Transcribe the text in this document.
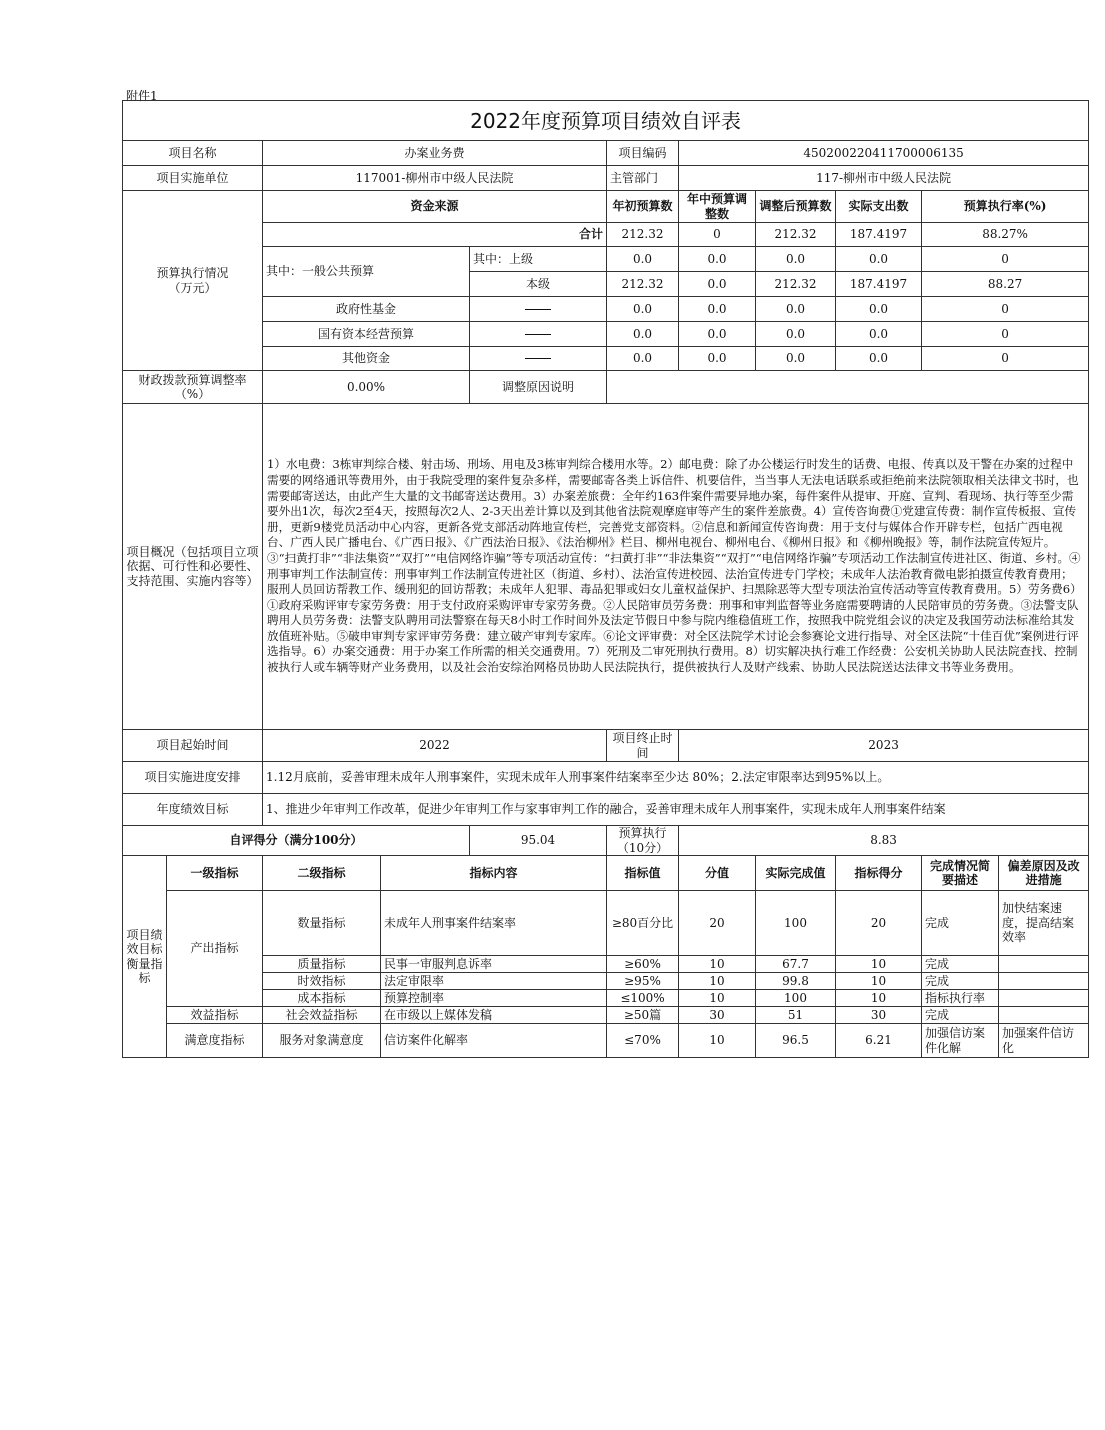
附件1
2022年度预算项目绩效自评表										
项目名称		办案业务费			项目编码	450200220411700006135				
项目实施单位		117001-柳州市中级人民法院			主管部门	117-柳州市中级人民法院				
预算执行情况
（万元）		资金来源			年初预算数	年中预算调整数	调整后预算数	实际支出数	预算执行率(%)	
		合计			212.32	0	212.32	187.4197	88.27%	
		其中：一般公共预算		其中：上级	0.0	0.0	0.0	0.0	0	
				本级	212.32	0.0	212.32	187.4197	88.27	
		政府性基金			0.0	0.0	0.0	0.0	0	
		国有资本经营预算			0.0	0.0	0.0	0.0	0	
		其他资金			0.0	0.0	0.0	0.0	0	
财政拨款预算调整率（%）		0.00%		调整原因说明						
项目概况（包括项目立项依据、可行性和必要性、支持范围、实施内容等）		1）水电费：3栋审判综合楼、射击场、刑场、用电及3栋审判综合楼用水等。2）邮电费：除了办公楼运行时发生的话费、电报、传真以及干警在办案的过程中需要的网络通讯等费用外，由于我院受理的案件复杂多样，需要邮寄各类上诉信件、机要信件，当当事人无法电话联系或拒绝前来法院领取相关法律文书时，也需要邮寄送达，由此产生大量的文书邮寄送达费用。3）办案差旅费：全年约163件案件需要异地办案，每件案件从提审、开庭、宣判、看现场、执行等至少需要外出1次，每次2至4天，按照每次2人、2-3天出差计算以及到其他省法院观摩庭审等产生的案件差旅费。4）宣传咨询费①党建宣传费：制作宣传板报、宣传册，更新9楼党员活动中心内容，更新各党支部活动阵地宣传栏，完善党支部资料。②信息和新闻宣传咨询费：用于支付与媒体合作开辟专栏，包括广西电视台、广西人民广播电台、《广西日报》、《广西法治日报》、《法治柳州》栏目、柳州电视台、柳州电台、《柳州日报》和《柳州晚报》等，制作法院宣传短片。③“扫黄打非”“非法集资”“双打”“电信网络诈骗”等专项活动宣传：“扫黄打非”“非法集资”“双打”“电信网络诈骗”专项活动工作法制宣传进社区、街道、乡村。④刑事审判工作法制宣传：刑事审判工作法制宣传进社区（街道、乡村）、法治宣传进校园、法治宣传进专门学校；未成年人法治教育微电影拍摄宣传教育费用；服刑人员回访帮教工作、缓刑犯的回访帮教；未成年人犯罪、毒品犯罪或妇女儿童权益保护、扫黑除恶等大型专项法治宣传活动等宣传教育费用。5）劳务费6）①政府采购评审专家劳务费：用于支付政府采购评审专家劳务费。②人民陪审员劳务费：刑事和审判监督等业务庭需要聘请的人民陪审员的劳务费。③法警支队聘用人员劳务费：法警支队聘用司法警察在每天8小时工作时间外及法定节假日中参与院内维稳值班工作，按照我中院党组会议的决定及我国劳动法标准给其发放值班补贴。⑤破申审判专家评审劳务费：建立破产审判专家库。⑥论文评审费：对全区法院学术讨论会参赛论文进行指导、对全区法院“十佳百优”案例进行评选指导。6）办案交通费：用于办案工作所需的相关交通费用。7）死刑及二审死刑执行费用。8）切实解决执行难工作经费：公安机关协助人民法院查找、控制被执行人或车辆等财产业务费用，以及社会治安综治网格员协助人民法院执行，提供被执行人及财产线索、协助人民法院送达法律文书等业务费用。								
项目起始时间		2022			项目终止时间	2023				
项目实施进度安排		1.12月底前，妥善审理未成年人刑事案件，实现未成年人刑事案件结案率至少达 80%；2.法定审限率达到95%以上。								
年度绩效目标		1、推进少年审判工作改革，促进少年审判工作与家事审判工作的融合，妥善审理未成年人刑事案件，实现未成年人刑事案件结案								
自评得分（满分100分）				95.04	预算执行（10分）	8.83				
项目绩效目标衡量指标	一级指标	二级指标	指标内容		指标值	分值	实际完成值	指标得分	完成情况简要描述	偏差原因及改进措施
	产出指标	数量指标	未成年人刑事案件结案率		≥80百分比	20	100	20	完成	加快结案速度，提高结案效率
		质量指标	民事一审服判息诉率		≥60%	10	67.7	10	完成	
		时效指标	法定审限率		≥95%	10	99.8	10	完成	
		成本指标	预算控制率		≤100%	10	100	10	指标执行率	
	效益指标	社会效益指标	在市级以上媒体发稿		≥50篇	30	51	30	完成	
	满意度指标	服务对象满意度	信访案件化解率		≤70%	10	96.5	6.21	加强信访案件化解	加强案件信访化
